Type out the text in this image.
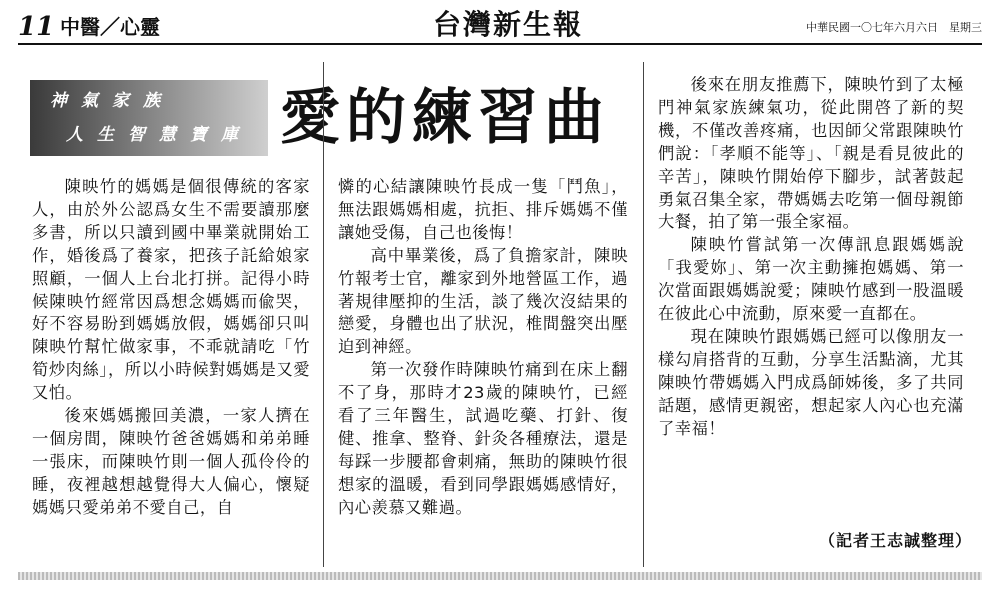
11 中醫／心靈	台灣新生報	中華民國一〇七年六月六日　星期三
神氣家族
人生智慧寶庫 愛的練習曲

陳映竹的媽媽是個很傳統的客家人，由於外公認爲女生不需要讀那麼多書，所以只讀到國中畢業就開始工作，婚後爲了養家，把孩子託給娘家照顧，一個人上台北打拼。記得小時候陳映竹經常因爲想念媽媽而偸哭，好不容易盼到媽媽放假，媽媽卻只叫陳映竹幫忙做家事，不乖就請吃「竹筍炒肉絲」，所以小時候對媽媽是又愛又怕。

後來媽媽搬回美濃，一家人擠在一個房間，陳映竹爸爸媽媽和弟弟睡一張床，而陳映竹則一個人孤伶伶的睡，夜裡越想越覺得大人偏心，懷疑媽媽只愛弟弟不愛自己，自

憐的心結讓陳映竹長成一隻「鬥魚」，無法跟媽媽相處，抗拒、排斥媽媽不僅讓她受傷，自己也後悔！

高中畢業後，爲了負擔家計，陳映竹報考士官，離家到外地營區工作，過著規律壓抑的生活，談了幾次沒結果的戀愛，身體也出了狀況，椎間盤突出壓迫到神經。

第一次發作時陳映竹痛到在床上翻不了身，那時才23歲的陳映竹，已經看了三年醫生，試過吃藥、打針、復健、推拿、整脊、針灸各種療法，還是每踩一步腰都會刺痛，無助的陳映竹很想家的溫暖，看到同學跟媽媽感情好，內心羨慕又難過。

後來在朋友推薦下，陳映竹到了太極門神氣家族練氣功，從此開啓了新的契機，不僅改善疼痛，也因師父常跟陳映竹們說：「孝順不能等」、「親是看見彼此的辛苦」，陳映竹開始停下腳步，試著鼓起勇氣召集全家，帶媽媽去吃第一個母親節大餐，拍了第一張全家福。

陳映竹嘗試第一次傳訊息跟媽媽說「我愛妳」、第一次主動擁抱媽媽、第一次當面跟媽媽說愛；陳映竹感到一股溫暖在彼此心中流動，原來愛一直都在。

現在陳映竹跟媽媽已經可以像朋友一樣勾肩搭背的互動，分享生活點滴，尤其陳映竹帶媽媽入門成爲師姊後，多了共同話題，感情更親密，想起家人內心也充滿了幸福！

（記者王志誠整理）
